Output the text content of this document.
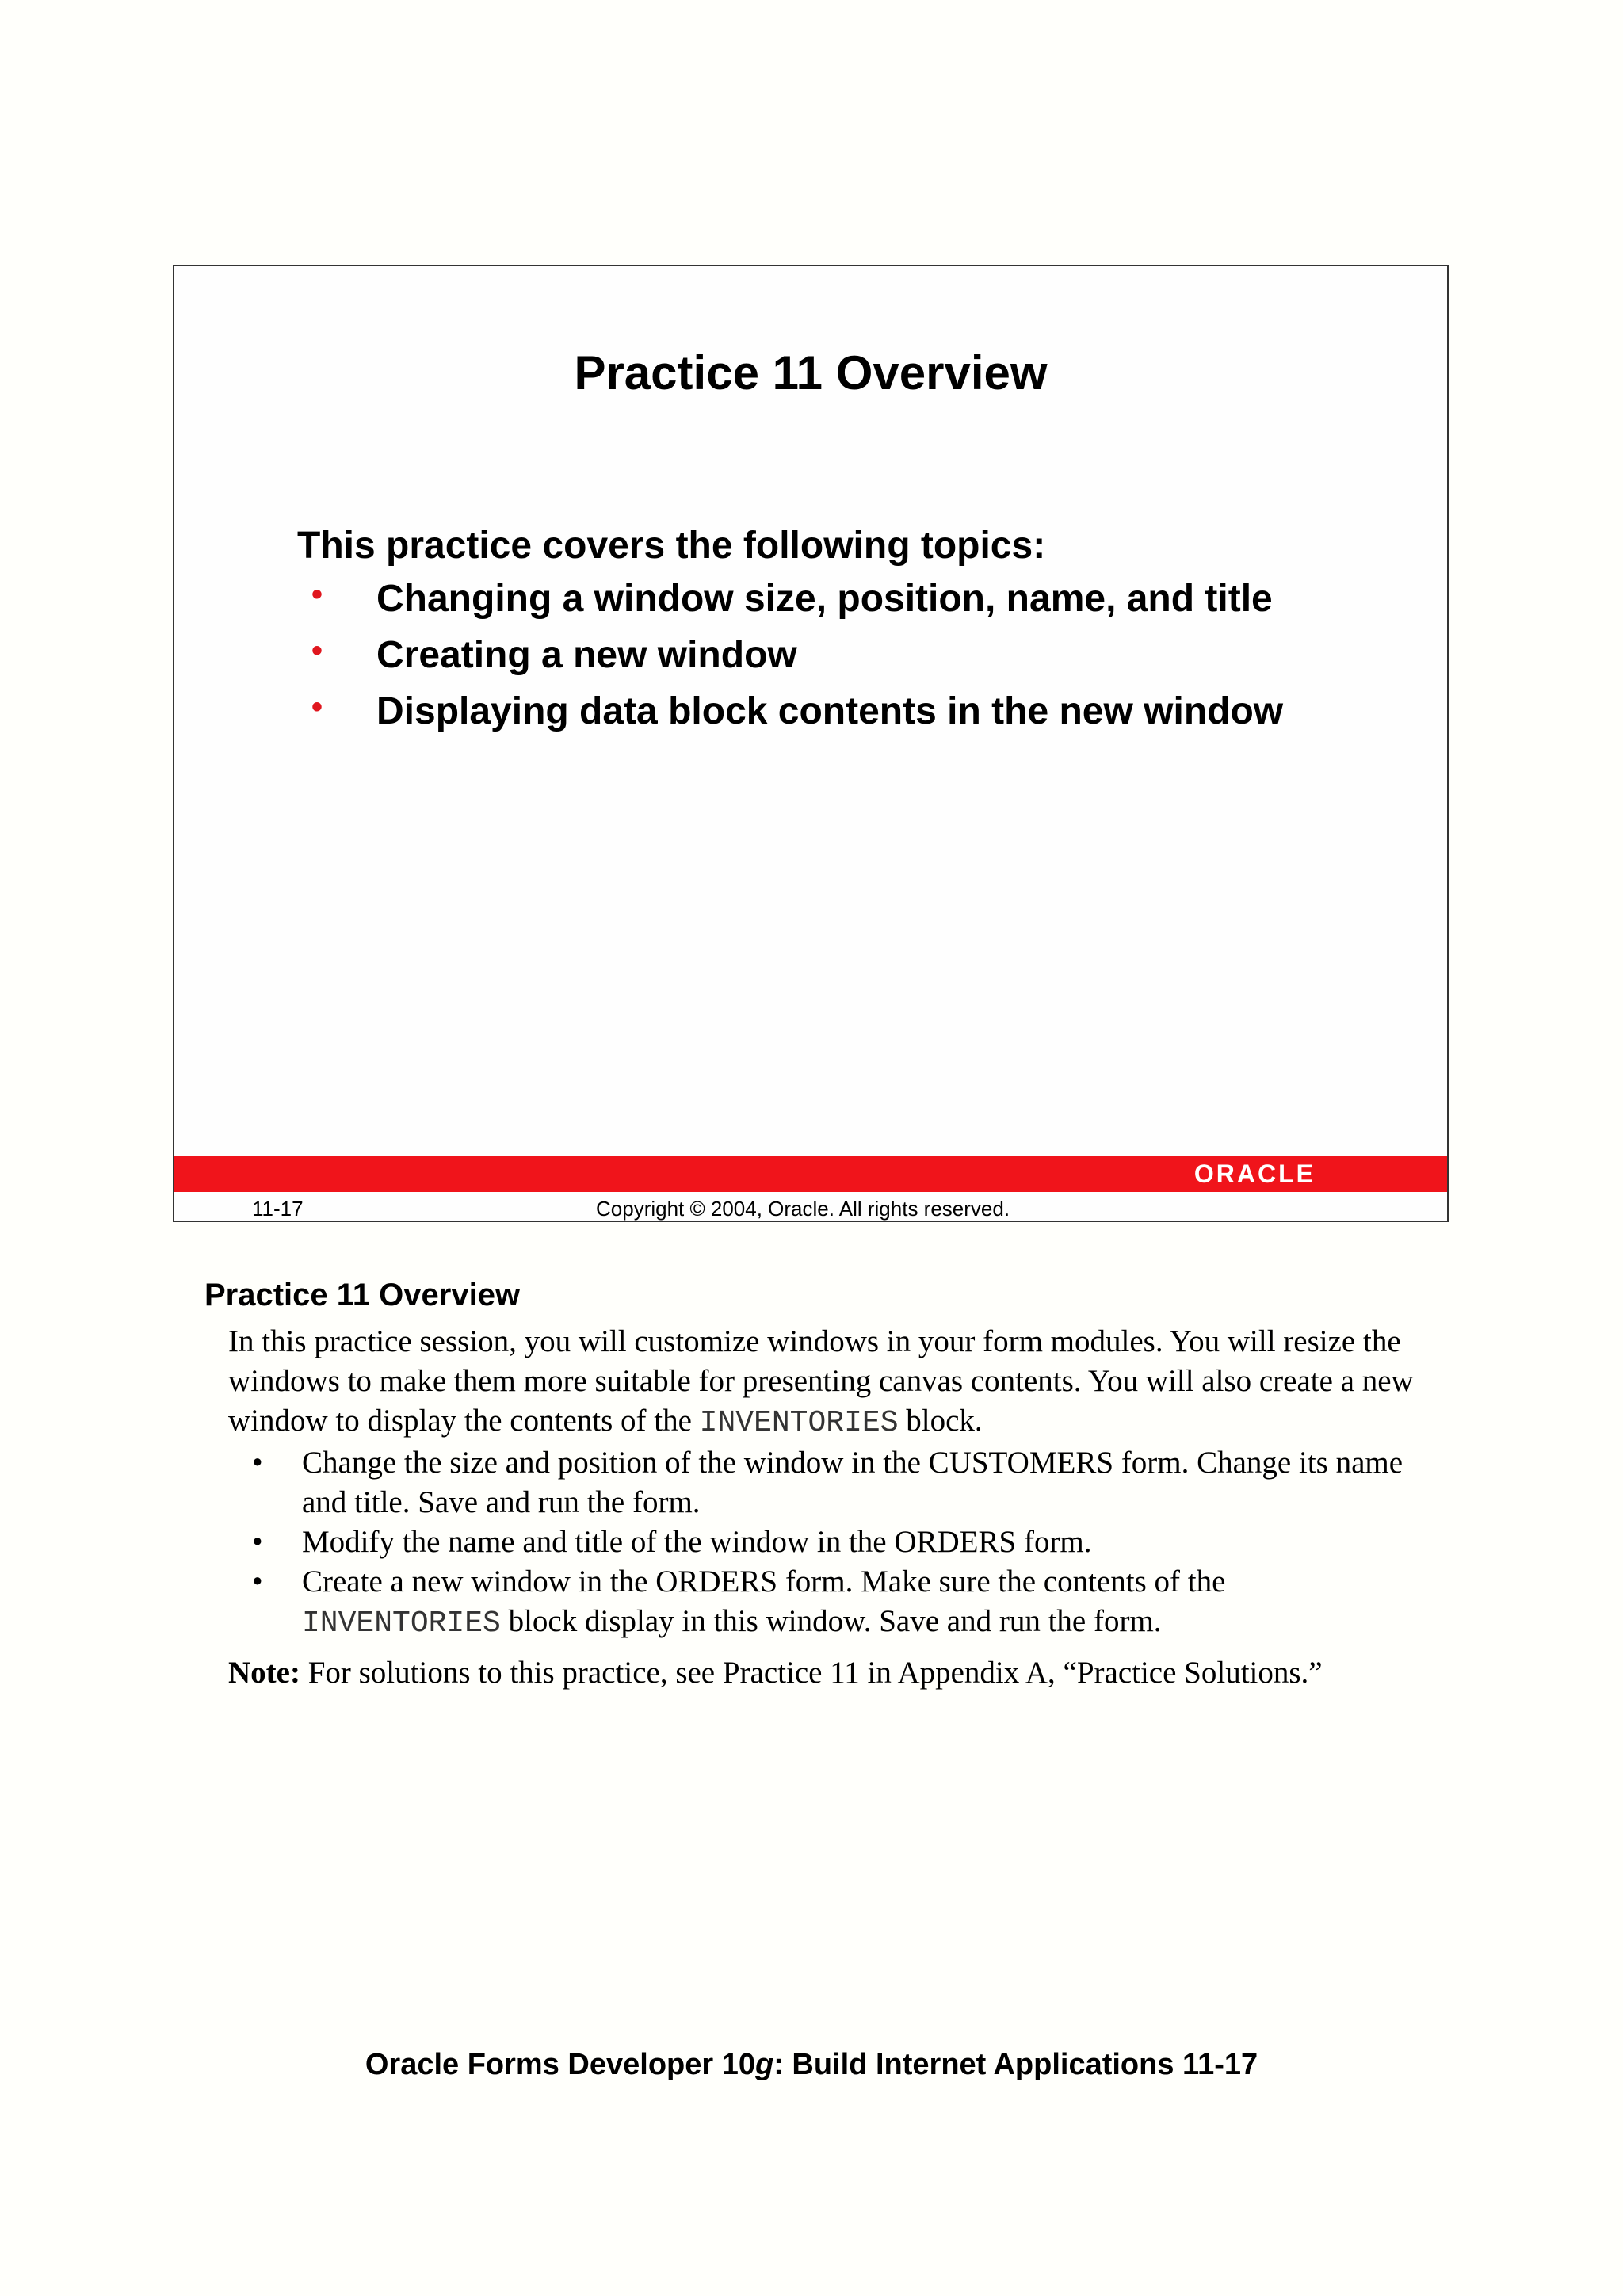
Practice 11 Overview
This practice covers the following topics:
• Changing a window size, position, name, and title
• Creating a new window
• Displaying data block contents in the new window
ORACLE
11-17	Copyright © 2004, Oracle. All rights reserved.
Practice 11 Overview

In this practice session, you will customize windows in your form modules. You will resize the windows to make them more suitable for presenting canvas contents. You will also create a new window to display the contents of the INVENTORIES block.

• Change the size and position of the window in the CUSTOMERS form. Change its name and title. Save and run the form.
• Modify the name and title of the window in the ORDERS form.
• Create a new window in the ORDERS form. Make sure the contents of the INVENTORIES block display in this window. Save and run the form.

Note: For solutions to this practice, see Practice 11 in Appendix A, “Practice Solutions.”

Oracle Forms Developer 10g: Build Internet Applications 11-17
